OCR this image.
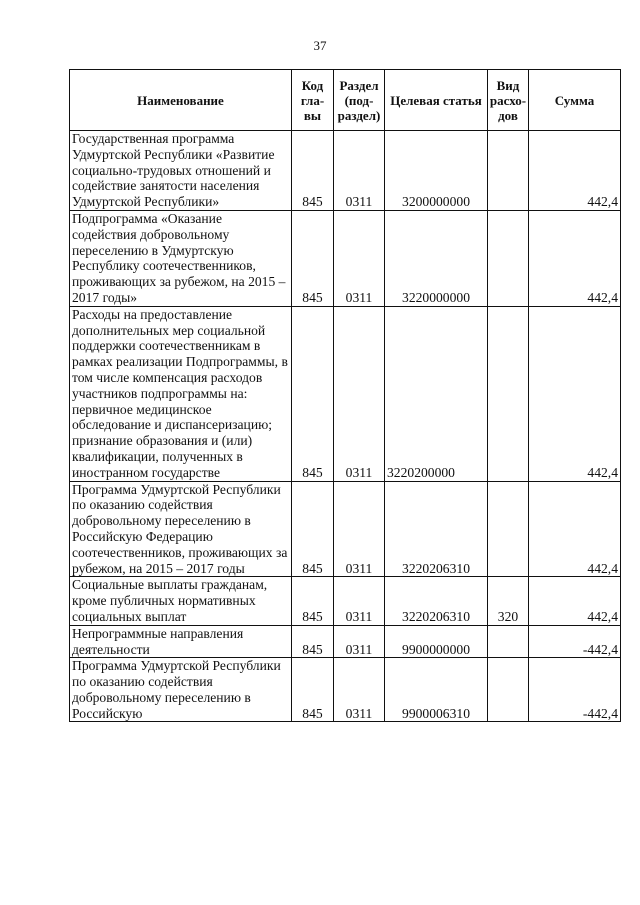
37
Наименование	Код гла-вы	Раздел (под-раздел)	Целевая статья	Вид расхо-дов	Сумма
Государственная программа Удмуртской Республики «Развитие социально-трудовых отношений и содействие занятости населения Удмуртской Республики»	845	0311	3200000000		442,4
Подпрограмма «Оказание содействия добровольному переселению в Удмуртскую Республику соотечественников, проживающих за рубежом, на 2015 – 2017 годы»	845	0311	3220000000		442,4
Расходы на предоставление дополнительных мер социальной поддержки соотечественникам в рамках реализации Подпрограммы, в том числе компенсация расходов участников подпрограммы на: первичное медицинское обследование и диспансеризацию; признание образования и (или) квалификации, полученных в иностранном государстве	845	0311	3220200000		442,4
Программа Удмуртской Республики по оказанию содействия добровольному переселению в Российскую Федерацию соотечественников, проживающих за рубежом, на 2015 – 2017 годы	845	0311	3220206310		442,4
Социальные выплаты гражданам, кроме публичных нормативных социальных выплат	845	0311	3220206310	320	442,4
Непрограммные направления деятельности	845	0311	9900000000		-442,4
Программа Удмуртской Республики по оказанию содействия добровольному переселению в Российскую	845	0311	9900006310		-442,4
